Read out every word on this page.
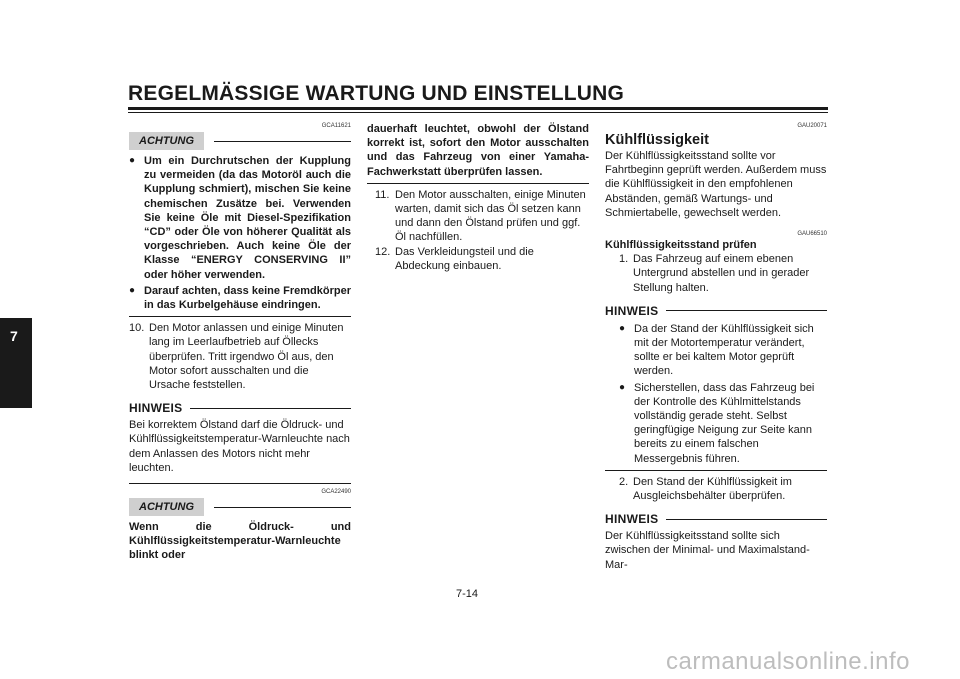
REGELMÄSSIGE WARTUNG UND EINSTELLUNG
7
GCA11621
ACHTUNG

● Um ein Durchrutschen der Kupplung zu vermeiden (da das Motoröl auch die Kupplung schmiert), mischen Sie keine chemischen Zusätze bei. Verwenden Sie keine Öle mit Diesel-Spezifikation “CD” oder Öle von höherer Qualität als vorgeschrieben. Auch keine Öle der Klasse “ENERGY CONSERVING II” oder höher verwenden.

● Darauf achten, dass keine Fremdkörper in das Kurbelgehäuse eindringen.

10. Den Motor anlassen und einige Minuten lang im Leerlaufbetrieb auf Öllecks überprüfen. Tritt irgendwo Öl aus, den Motor sofort ausschalten und die Ursache feststellen.
HINWEIS

Bei korrektem Ölstand darf die Öldruck- und Kühlflüssigkeitstemperatur-Warnleuchte nach dem Anlassen des Motors nicht mehr leuchten.

GCA22490
ACHTUNG

Wenn die Öldruck- und Kühlflüssigkeitstemperatur-Warnleuchte blinkt oder

dauerhaft leuchtet, obwohl der Ölstand korrekt ist, sofort den Motor ausschalten und das Fahrzeug von einer Yamaha-Fachwerkstatt überprüfen lassen.

11. Den Motor ausschalten, einige Minuten warten, damit sich das Öl setzen kann und dann den Ölstand prüfen und ggf. Öl nachfüllen.
12. Das Verkleidungsteil und die Abdeckung einbauen.
GAU20071
Kühlflüssigkeit

Der Kühlflüssigkeitsstand sollte vor Fahrtbeginn geprüft werden. Außerdem muss die Kühlflüssigkeit in den empfohlenen Abständen, gemäß Wartungs- und Schmiertabelle, gewechselt werden.

GAU66510
Kühlflüssigkeitsstand prüfen
1. Das Fahrzeug auf einem ebenen Untergrund abstellen und in gerader Stellung halten.
HINWEIS

● Da der Stand der Kühlflüssigkeit sich mit der Motortemperatur verändert, sollte er bei kaltem Motor geprüft werden.

● Sicherstellen, dass das Fahrzeug bei der Kontrolle des Kühlmittelstands vollständig gerade steht. Selbst geringfügige Neigung zur Seite kann bereits zu einem falschen Messergebnis führen.

2. Den Stand der Kühlflüssigkeit im Ausgleichsbehälter überprüfen.
HINWEIS

Der Kühlflüssigkeitsstand sollte sich zwischen der Minimal- und Maximalstand-Mar-

7-14
carmanualsonline.info
